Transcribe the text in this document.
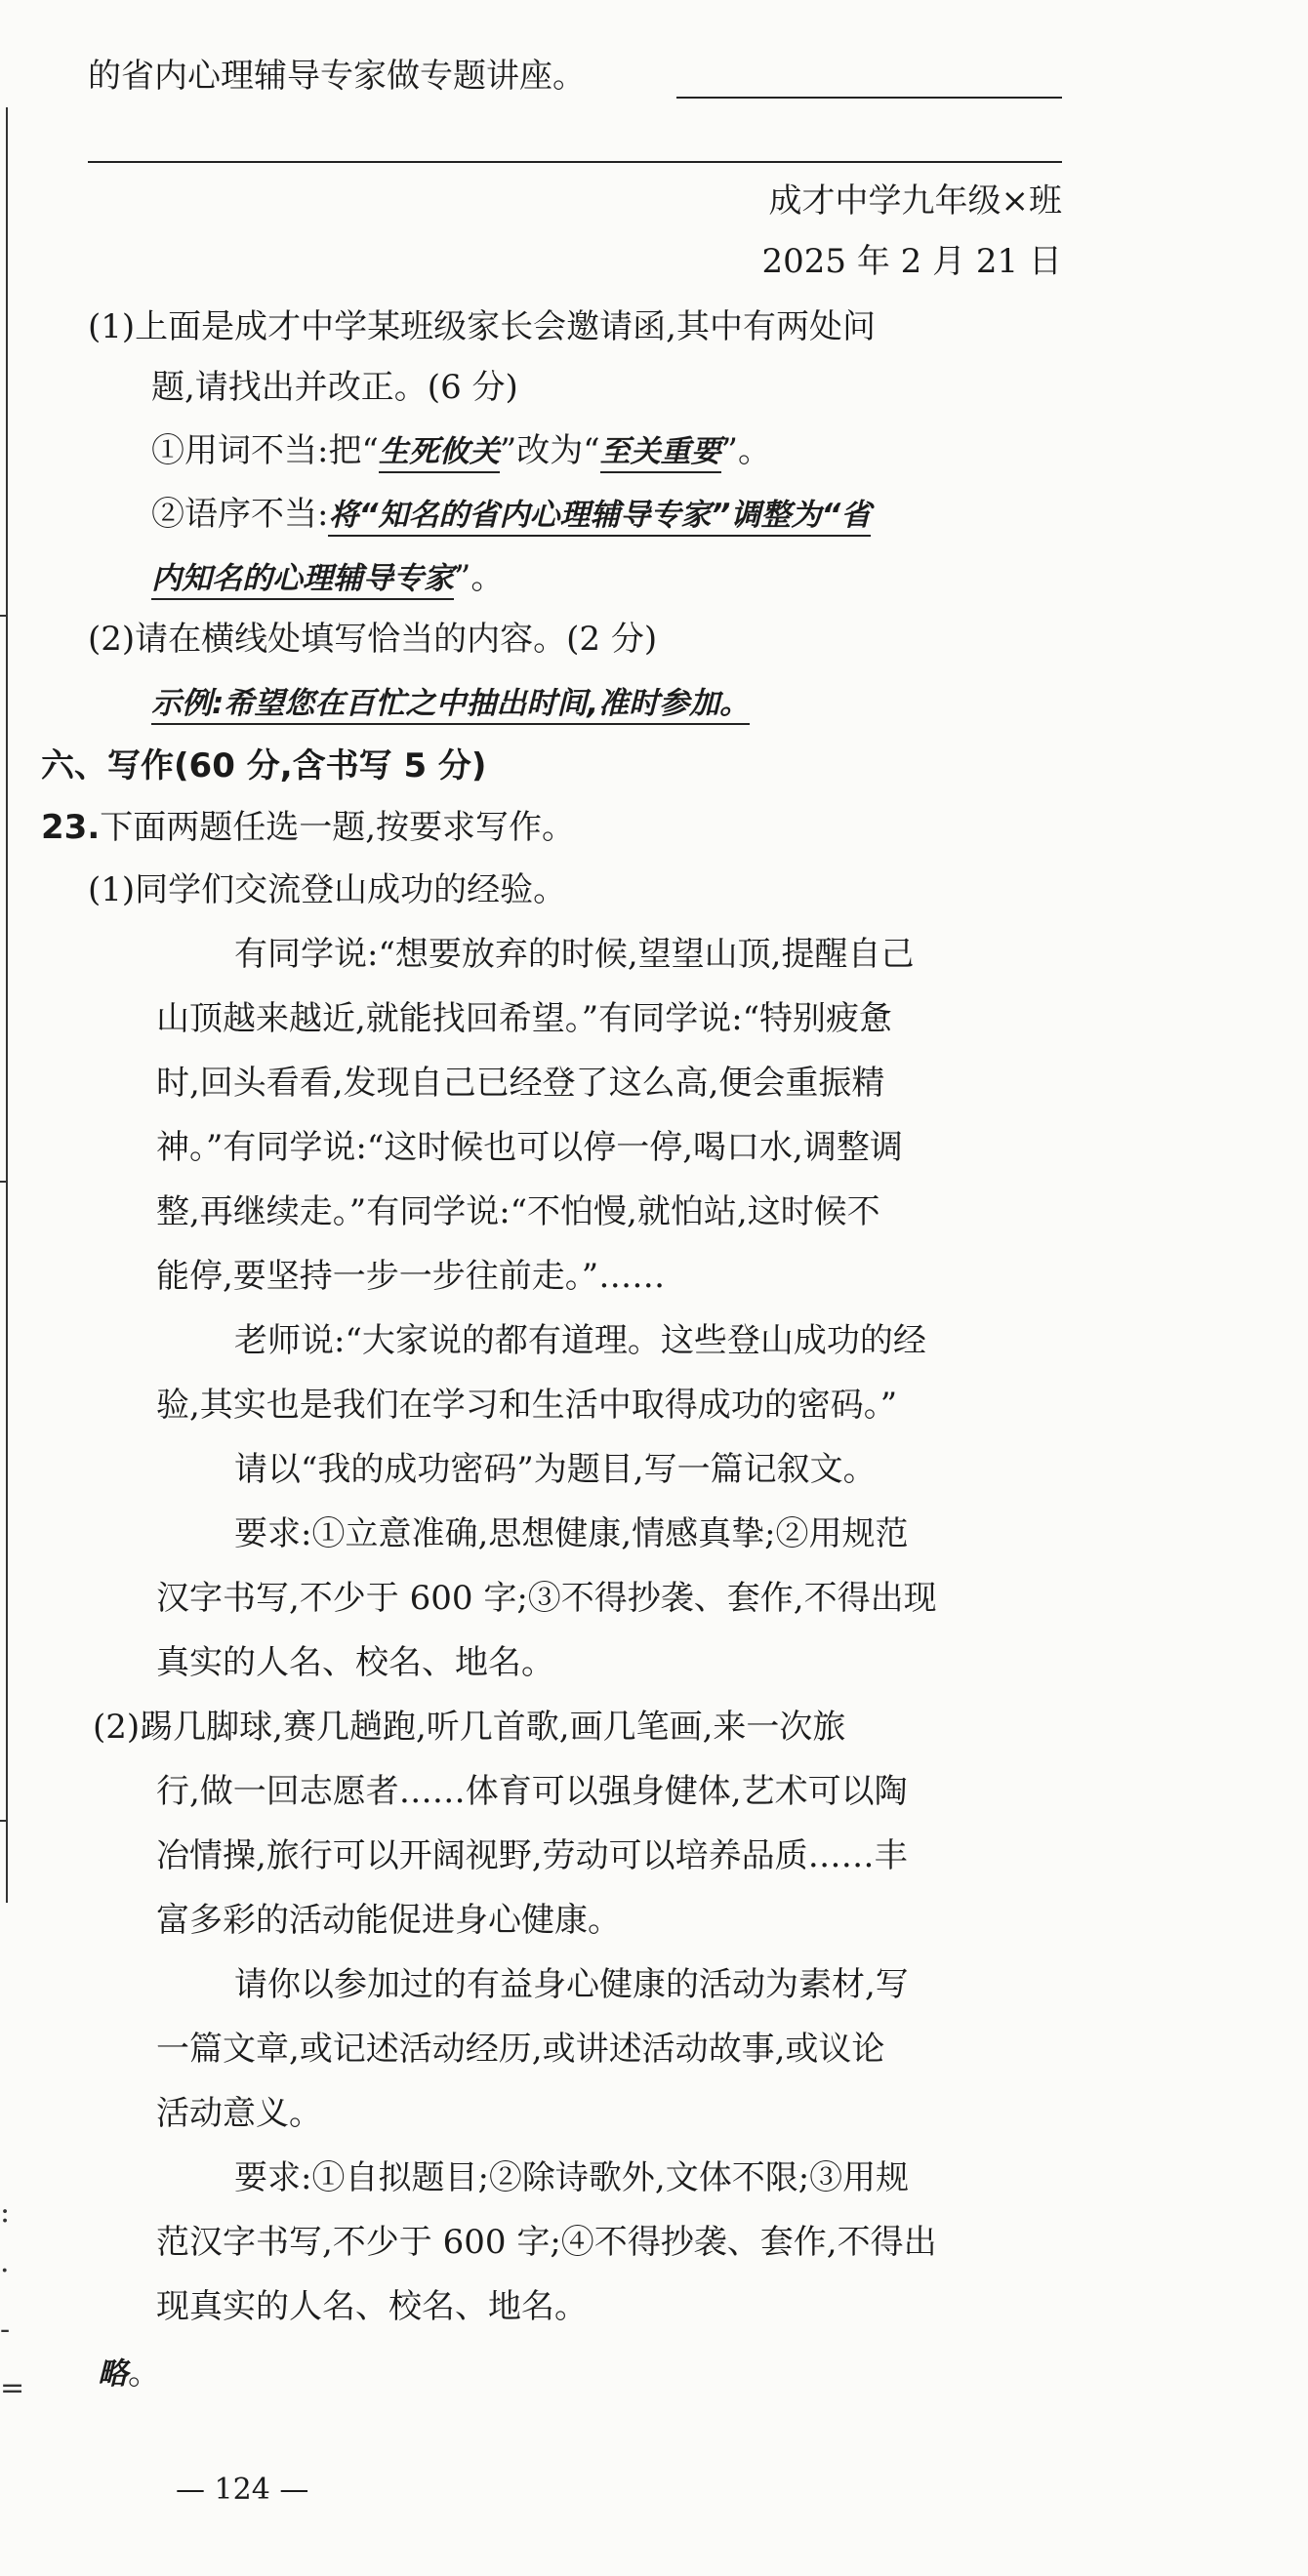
:
·
-
=
的省内心理辅导专家做专题讲座。
成才中学九年级×班
2025 年 2 月 21 日
(1)上面是成才中学某班级家长会邀请函,其中有两处问
题,请找出并改正。(6 分)
①用词不当:把“生死攸关”改为“至关重要”。
②语序不当:将“知名的省内心理辅导专家”调整为“省
内知名的心理辅导专家”。
(2)请在横线处填写恰当的内容。(2 分)
示例:希望您在百忙之中抽出时间,准时参加。
六、写作(60 分,含书写 5 分)
23.下面两题任选一题,按要求写作。
(1)同学们交流登山成功的经验。
有同学说:“想要放弃的时候,望望山顶,提醒自己
山顶越来越近,就能找回希望。”有同学说:“特别疲惫
时,回头看看,发现自己已经登了这么高,便会重振精
神。”有同学说:“这时候也可以停一停,喝口水,调整调
整,再继续走。”有同学说:“不怕慢,就怕站,这时候不
能停,要坚持一步一步往前走。”……
老师说:“大家说的都有道理。这些登山成功的经
验,其实也是我们在学习和生活中取得成功的密码。”
请以“我的成功密码”为题目,写一篇记叙文。
要求:①立意准确,思想健康,情感真挚;②用规范
汉字书写,不少于 600 字;③不得抄袭、套作,不得出现
真实的人名、校名、地名。
(2)踢几脚球,赛几趟跑,听几首歌,画几笔画,来一次旅
行,做一回志愿者……体育可以强身健体,艺术可以陶
冶情操,旅行可以开阔视野,劳动可以培养品质……丰
富多彩的活动能促进身心健康。
请你以参加过的有益身心健康的活动为素材,写
一篇文章,或记述活动经历,或讲述活动故事,或议论
活动意义。
要求:①自拟题目;②除诗歌外,文体不限;③用规
范汉字书写,不少于 600 字;④不得抄袭、套作,不得出
现真实的人名、校名、地名。
略。
— 124 —
